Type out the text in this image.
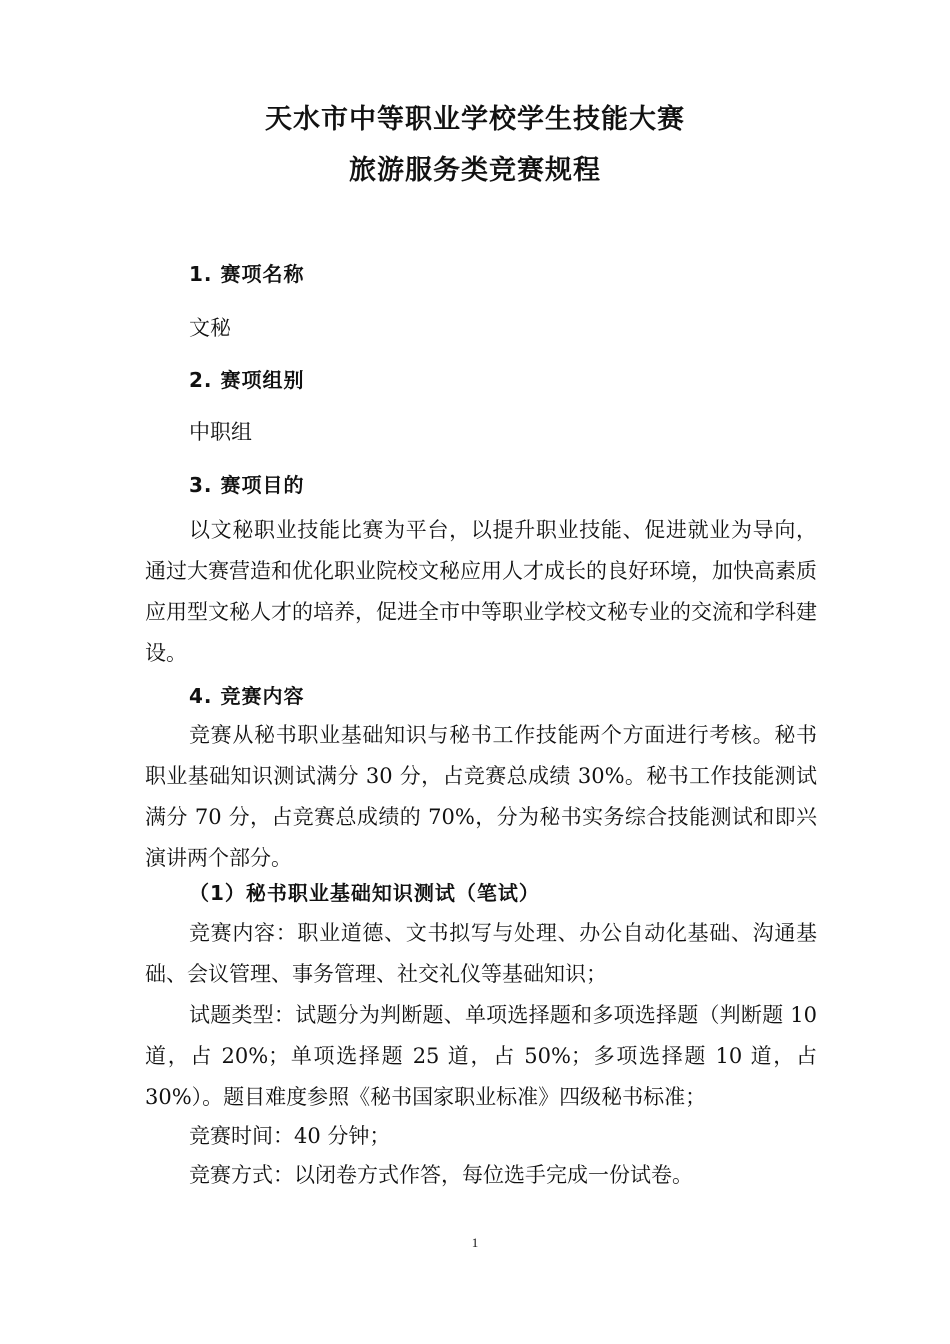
天水市中等职业学校学生技能大赛
旅游服务类竞赛规程
1. 赛项名称
文秘
2. 赛项组别
中职组
3. 赛项目的
以文秘职业技能比赛为平台，以提升职业技能、促进就业为导向，通过大赛营造和优化职业院校文秘应用人才成长的良好环境，加快高素质应用型文秘人才的培养，促进全市中等职业学校文秘专业的交流和学科建设。
4. 竞赛内容
竞赛从秘书职业基础知识与秘书工作技能两个方面进行考核。秘书职业基础知识测试满分 30 分，占竞赛总成绩 30%。秘书工作技能测试满分 70 分，占竞赛总成绩的 70%，分为秘书实务综合技能测试和即兴演讲两个部分。
（1）秘书职业基础知识测试（笔试）
竞赛内容：职业道德、文书拟写与处理、办公自动化基础、沟通基础、会议管理、事务管理、社交礼仪等基础知识；
试题类型：试题分为判断题、单项选择题和多项选择题（判断题 10 道，占 20%；单项选择题 25 道，占 50%；多项选择题 10 道，占 30%）。题目难度参照《秘书国家职业标准》四级秘书标准；
竞赛时间：40 分钟；
竞赛方式：以闭卷方式作答，每位选手完成一份试卷。
1
